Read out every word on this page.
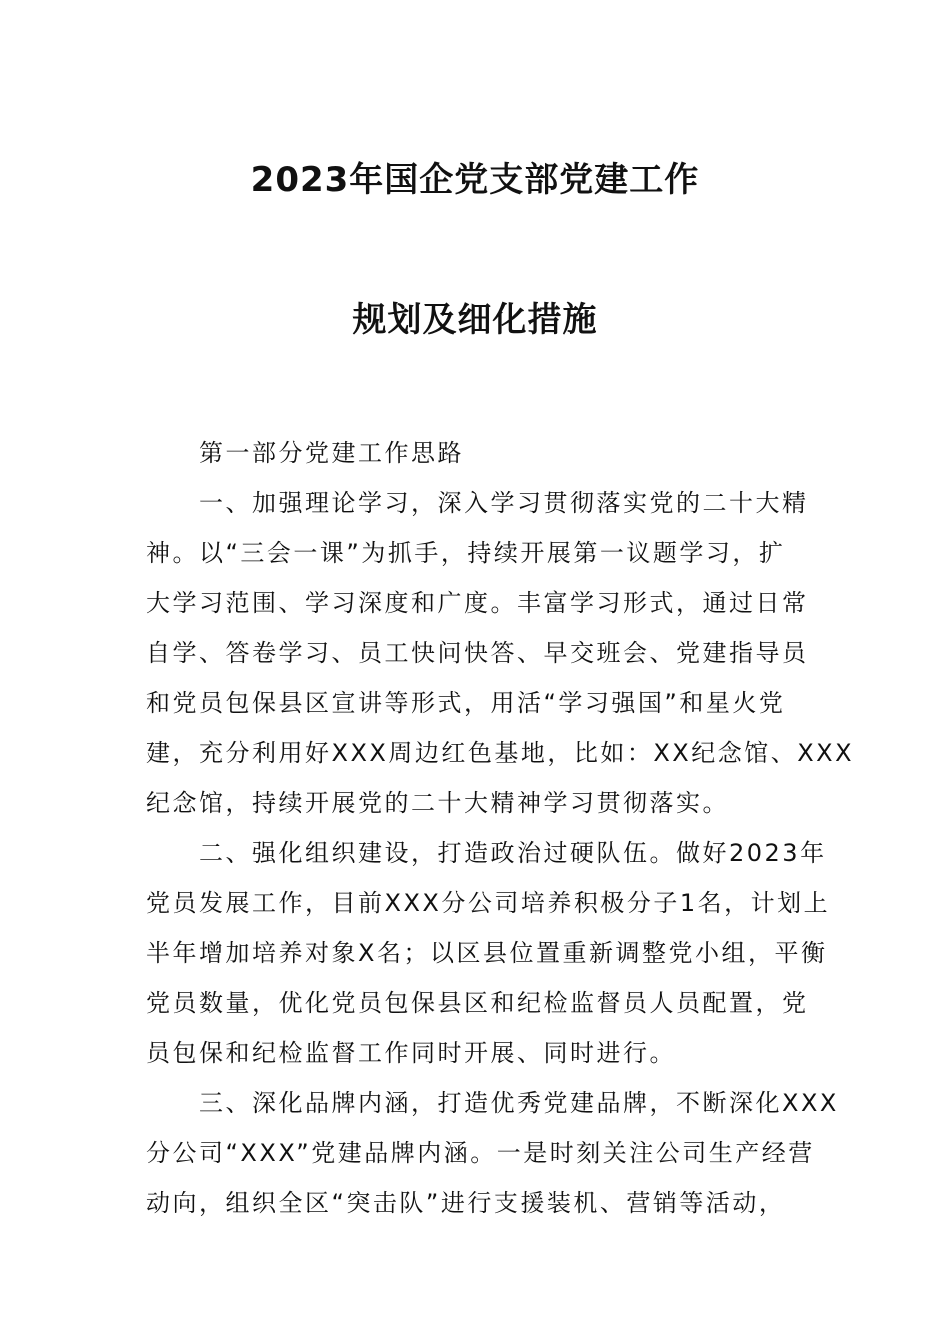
2023年国企党支部党建工作
规划及细化措施
第一部分党建工作思路
一、加强理论学习，深入学习贯彻落实党的二十大精
神。以“三会一课”为抓手，持续开展第一议题学习，扩
大学习范围、学习深度和广度。丰富学习形式，通过日常
自学、答卷学习、员工快问快答、早交班会、党建指导员
和党员包保县区宣讲等形式，用活“学习强国”和星火党
建，充分利用好XXX周边红色基地，比如：XX纪念馆、XXX
纪念馆，持续开展党的二十大精神学习贯彻落实。
二、强化组织建设，打造政治过硬队伍。做好2023年
党员发展工作，目前XXX分公司培养积极分子1名，计划上
半年增加培养对象X名；以区县位置重新调整党小组，平衡
党员数量，优化党员包保县区和纪检监督员人员配置，党
员包保和纪检监督工作同时开展、同时进行。
三、深化品牌内涵，打造优秀党建品牌，不断深化XXX
分公司“XXX”党建品牌内涵。一是时刻关注公司生产经营
动向，组织全区“突击队”进行支援装机、营销等活动，
